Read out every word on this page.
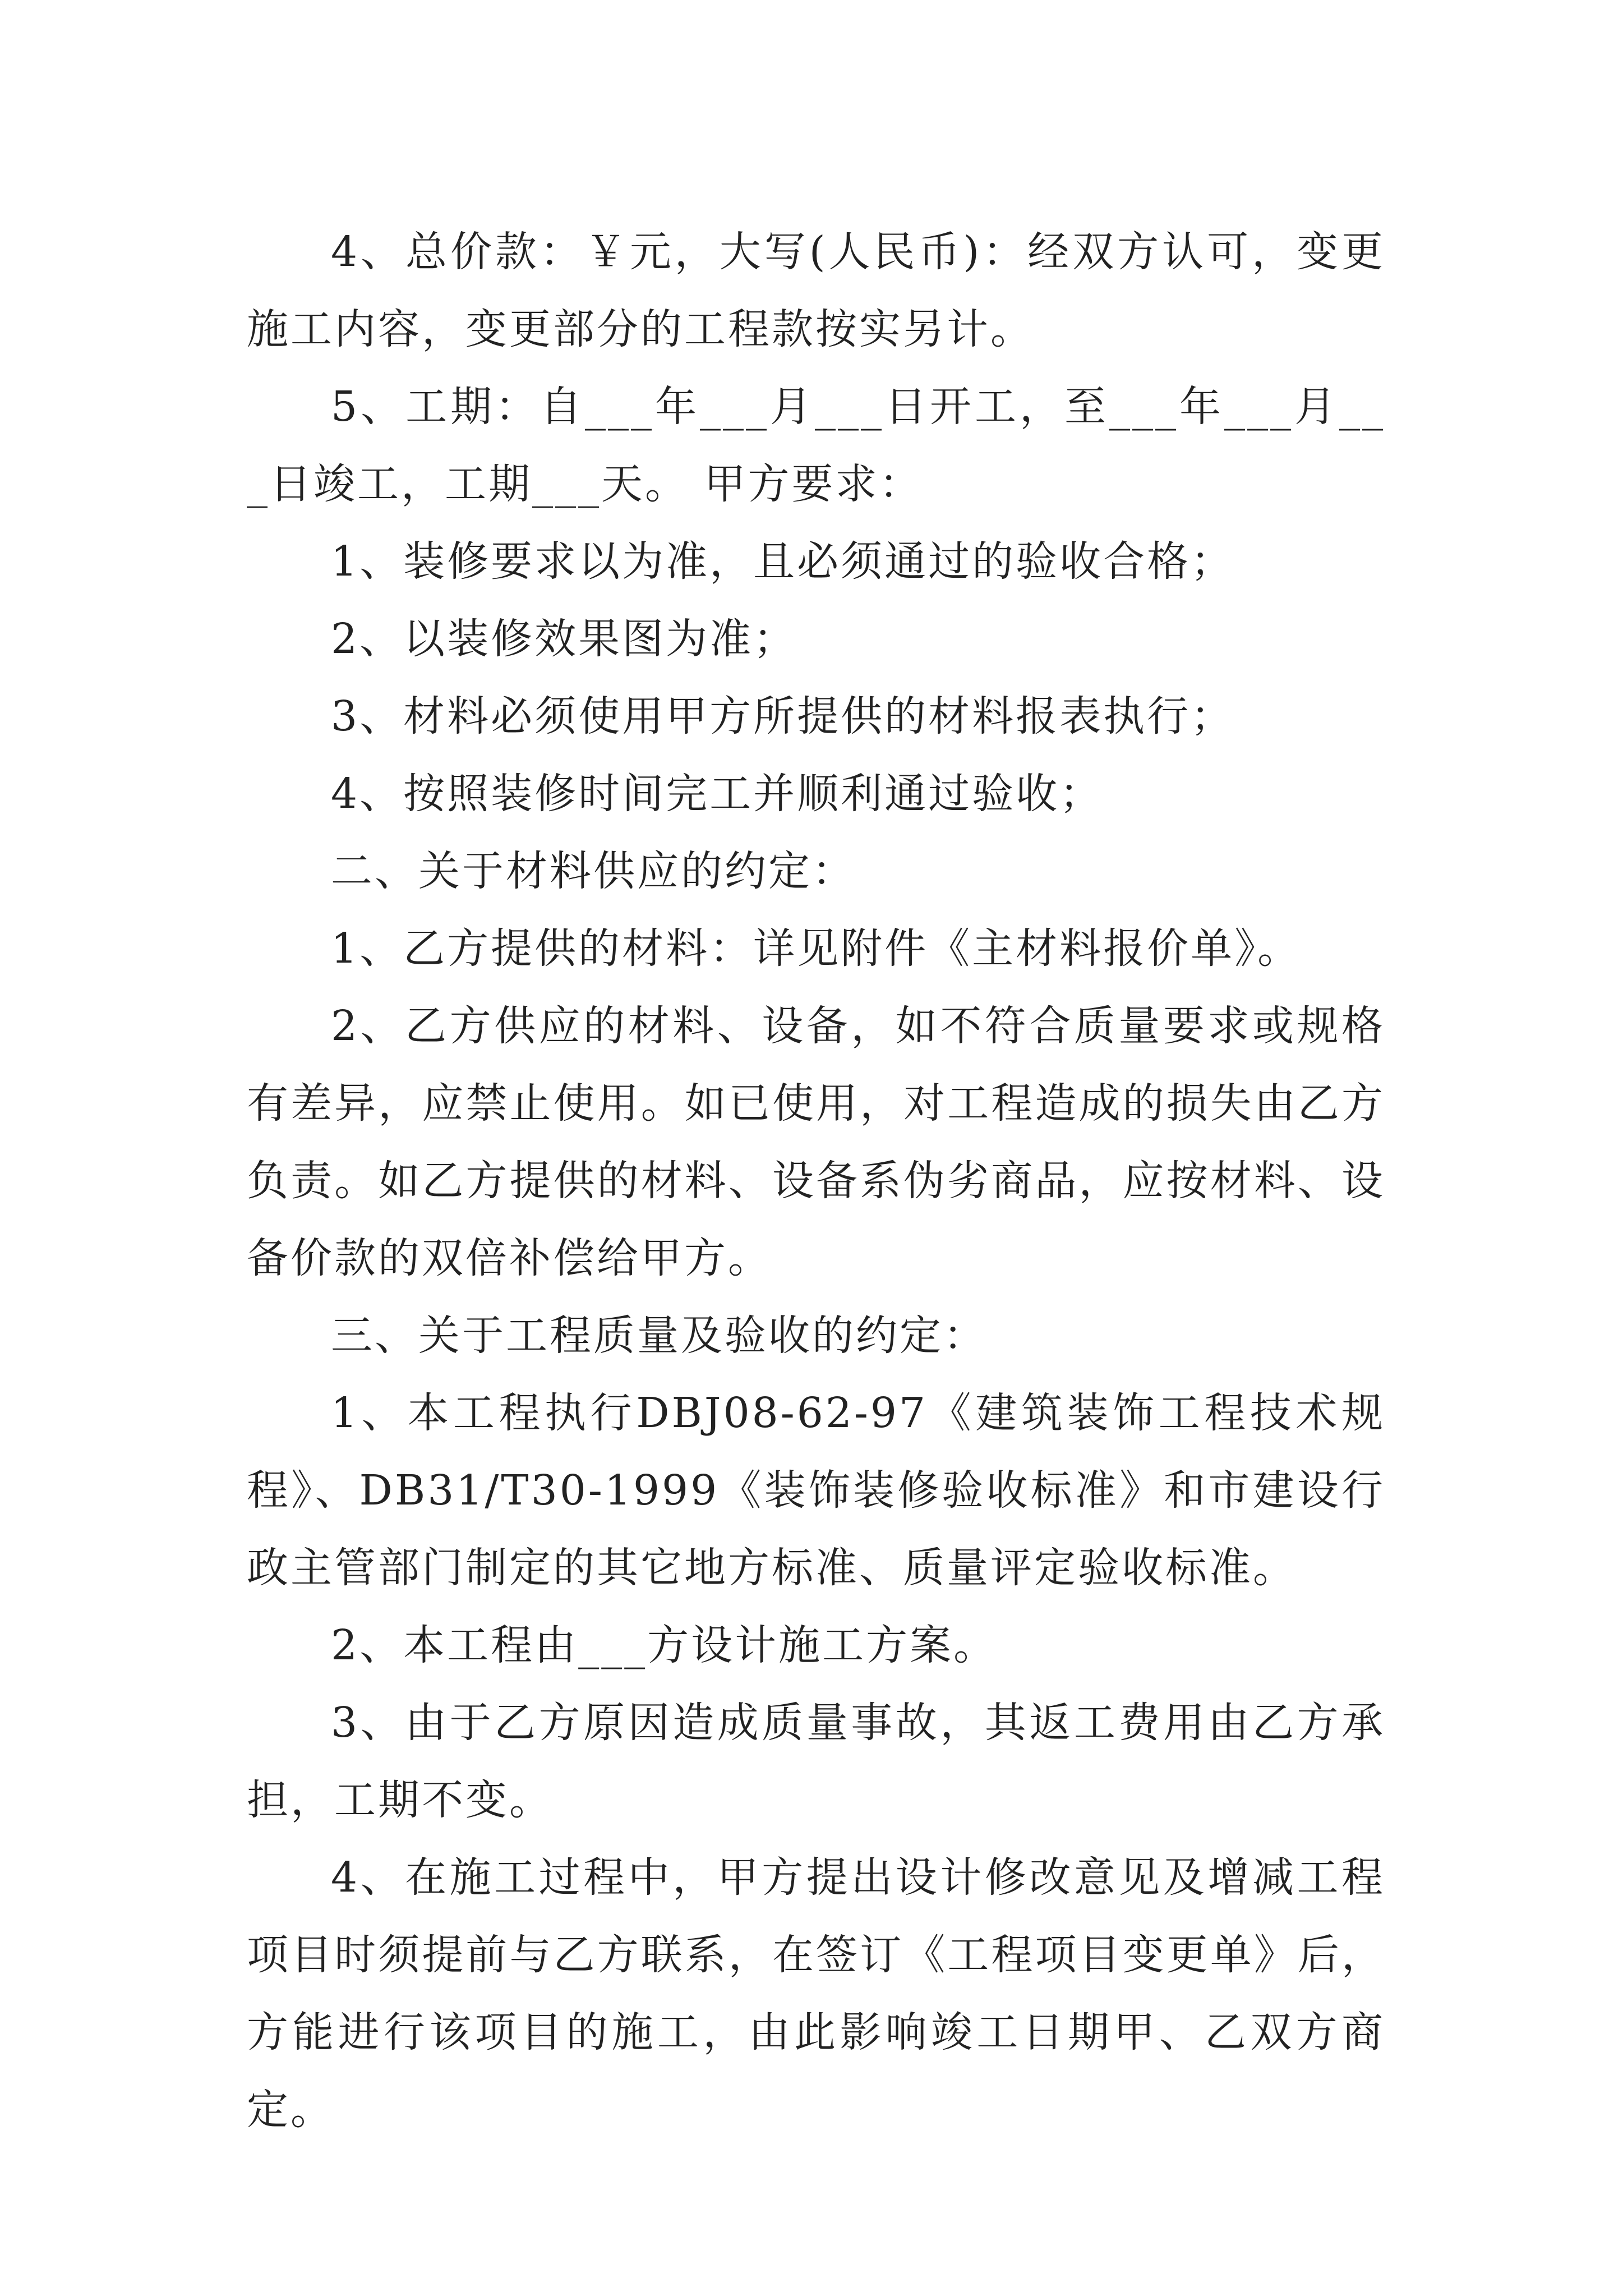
4、总价款：￥元，大写(人民币)：经双方认可，变更施工内容，变更部分的工程款按实另计。

5、工期：自___年___月___日开工，至___年___月___日竣工，工期___天。 甲方要求：

1、装修要求以为准，且必须通过的验收合格；

2、以装修效果图为准；

3、材料必须使用甲方所提供的材料报表执行；

4、按照装修时间完工并顺利通过验收；

二、关于材料供应的约定：

1、乙方提供的材料：详见附件《主材料报价单》。

2、乙方供应的材料、设备，如不符合质量要求或规格有差异，应禁止使用。如已使用，对工程造成的损失由乙方负责。如乙方提供的材料、设备系伪劣商品，应按材料、设备价款的双倍补偿给甲方。

三、关于工程质量及验收的约定：

1、本工程执行DBJ08-62-97《建筑装饰工程技术规程》、DB31/T30-1999《装饰装修验收标准》和市建设行政主管部门制定的其它地方标准、质量评定验收标准。

2、本工程由___方设计施工方案。

3、由于乙方原因造成质量事故，其返工费用由乙方承担，工期不变。

4、在施工过程中，甲方提出设计修改意见及增减工程项目时须提前与乙方联系，在签订《工程项目变更单》后，方能进行该项目的施工，由此影响竣工日期甲、乙双方商定。
